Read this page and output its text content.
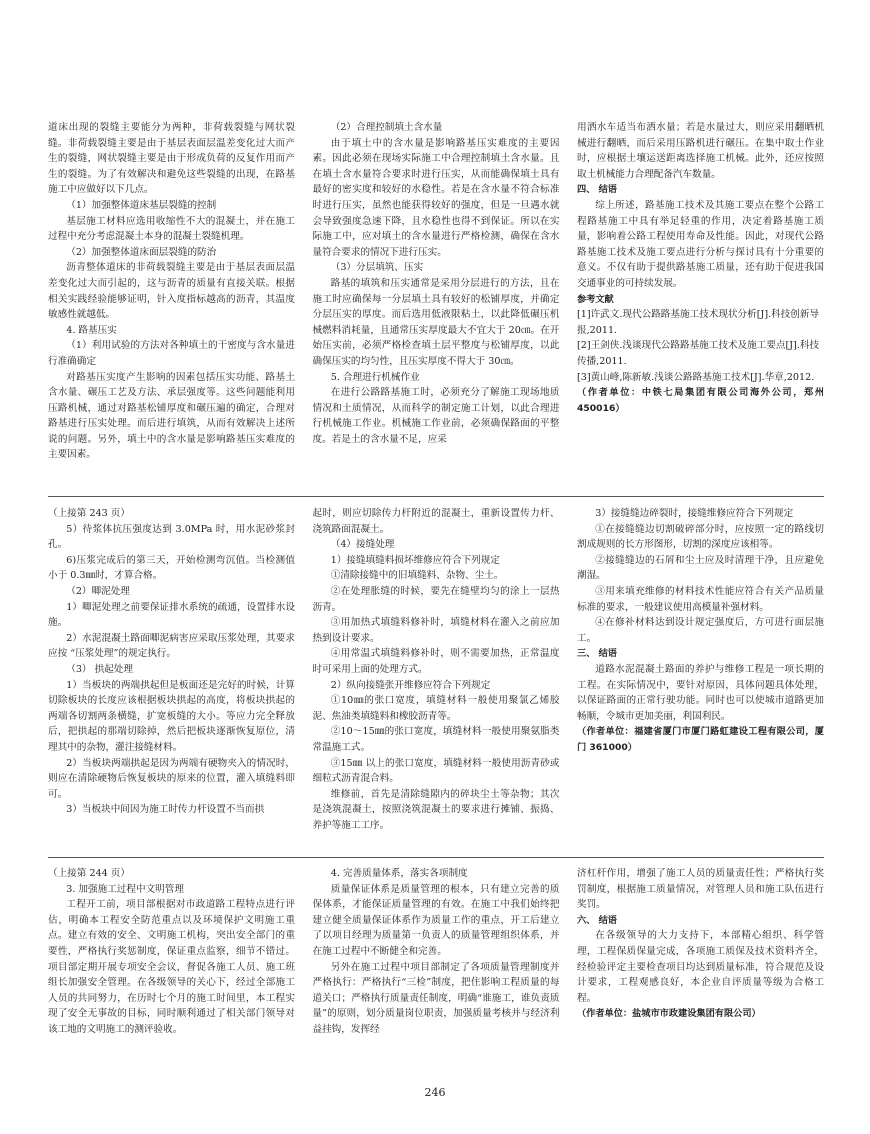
道床出现的裂缝主要能分为两种，非荷载裂缝与网状裂缝。非荷载裂缝主要是由于基层表面层温差变化过大而产生的裂缝，网状裂缝主要是由于形成负荷的反复作用而产生的裂缝。为了有效解决和避免这些裂缝的出现，在路基施工中应做好以下几点。

（1）加强整体道床基层裂缝的控制

基层施工材料应选用收缩性不大的混凝土，并在施工过程中充分考虑混凝土本身的混凝土裂缝机理。

（2）加强整体道床面层裂缝的防治

沥青整体道床的非荷载裂缝主要是由于基层表面层温差变化过大而引起的，这与沥青的质量有直接关联。根据相关实践经验能够证明，针入度指标越高的沥青，其温度敏感性就越低。

4. 路基压实

（1）利用试验的方法对各种填土的干密度与含水量进行准确确定

对路基压实度产生影响的因素包括压实功能、路基土含水量、碾压工艺及方法、承层强度等。这些问题能利用压路机械，通过对路基松铺厚度和碾压遍的确定，合理对路基进行压实处理。而后进行填筑，从而有效解决上述所说的问题。另外，填土中的含水量是影响路基压实难度的主要因素。

（2）合理控制填土含水量

由于填土中的含水量是影响路基压实难度的主要因素。因此必须在现场实际施工中合理控制填土含水量。且在填土含水量符合要求时进行压实，从而能确保填土具有最好的密实度和较好的水稳性。若是在含水量不符合标准时进行压实，虽然也能获得较好的强度，但是一旦遇水就会导致强度急速下降，且水稳性也得不到保证。所以在实际施工中，应对填土的含水量进行严格检测，确保在含水量符合要求的情况下进行压实。

（3）分层填筑、压实

路基的填筑和压实通常是采用分层进行的方法，且在施工时应确保每一分层填土具有较好的松铺厚度，并确定分层压实的厚度。而后选用低液限粘土，以此降低碾压机械燃料消耗量，且通常压实厚度最大不宜大于 20㎝。在开始压实前，必须严格检查填土层平整度与松铺厚度，以此确保压实的均匀性，且压实厚度不得大于 30㎝。

5. 合理进行机械作业

在进行公路路基施工时，必须充分了解施工现场地质情况和土质情况，从而科学的制定施工计划，以此合理进行机械施工作业。机械施工作业前，必须确保路面的平整度。若是土的含水量不足，应采

用洒水车适当布洒水量；若是水量过大，则应采用翻晒机械进行翻晒，而后采用压路机进行碾压。在集中取土作业时，应根据土壤运送距离选择施工机械。此外，还应按照取土机械能力合理配备汽车数量。

四、 结语

综上所述，路基施工技术及其施工要点在整个公路工程路基施工中具有举足轻重的作用，决定着路基施工质量，影响着公路工程使用寿命及性能。因此，对现代公路路基施工技术及施工要点进行分析与探讨具有十分重要的意义。不仅有助于提供路基施工质量，还有助于促进我国交通事业的可持续发展。

参考文献

[1]许武文.现代公路路基施工技术现状分析[J].科技创新导报,2011.

[2]王剑侠.浅谈现代公路路基施工技术及施工要点[J].科技传播,2011.

[3]黄山峰,陈新敏.浅谈公路路基施工技术[J].华章,2012.

（作者单位：中铁七局集团有限公司海外公司，郑州 450016）

（上接第 243 页）

5）待浆体抗压强度达到 3.0MPa 时，用水泥砂浆封孔。

6)压浆完成后的第三天，开始检测弯沉值。当检测值小于 0.3㎜时，才算合格。

（2）唧泥处理

1）唧泥处理之前要保证排水系统的疏通，设置排水设施。

2）水泥混凝土路面唧泥病害应采取压浆处理，其要求应按 “压浆处理”的规定执行。

（3） 拱起处理

1）当板块的两端拱起但是板面还是完好的时候，计算切除板块的长度应该根据板块拱起的高度，将板块拱起的两端各切割两条横缝，扩宽板缝的大小。等应力完全释放后，把拱起的那端切除掉，然后把板块逐渐恢复原位，清理其中的杂物，灌注接缝材料。

2）当板块两端拱起是因为两端有硬物夹入的情况时，则应在清除硬物后恢复板块的原来的位置，灌入填缝料即可。

3）当板块中间因为施工时传力杆设置不当而拱

起时，则应切除传力杆附近的混凝土，重新设置传力杆、浇筑路面混凝土。

（4）接缝处理

1）接缝填缝料损坏维修应符合下列规定

①清除接缝中的旧填缝料、杂物、尘土。

②在处理胀缝的时候，要先在缝壁均匀的涂上一层热沥青。

③用加热式填缝料修补时，填缝材料在灌入之前应加热到设计要求。

④用常温式填缝料修补时，则不需要加热，正常温度时可采用上面的处理方式。

2）纵向接缝张开维修应符合下列规定

①10㎜的张口宽度，填缝材料一般使用聚氯乙烯胶泥、焦油类填缝料和橡胶沥青等。

②10～15㎜的张口宽度，填缝材料一般使用聚氨脂类常温施工式。

③15㎜ 以上的张口宽度，填缝材料一般使用沥青砂或细粒式沥青混合料。

维修前，首先是清除缝隙内的碎块尘土等杂物；其次是浇筑混凝土，按照浇筑混凝土的要求进行摊铺、振捣、养护等施工工序。

3）接缝缝边碎裂时，接缝维修应符合下列规定

①在接缝缝边切割破碎部分时，应按照一定的路线切割成规则的长方形图形，切割的深度应该相等。

②接缝缝边的石屑和尘土应及时清理干净，且应避免潮湿。

③用来填充维修的材料技术性能应符合有关产品质量标准的要求，一般建议使用高模量补强材料。

④在修补材料达到设计规定强度后，方可进行面层施工。

三、 结语

道路水泥混凝土路面的养护与维修工程是一项长期的工程。在实际情况中，要针对原因，具体问题具体处理，以保证路面的正常行驶功能。同时也可以使城市道路更加畅顺，令城市更加美丽，利国利民。

（作者单位：福建省厦门市厦门路虹建设工程有限公司，厦门 361000）

（上接第 244 页）

3. 加强施工过程中文明管理

工程开工前，项目部根据对市政道路工程特点进行评估，明确本工程安全防范重点以及环境保护文明施工重点。建立有效的安全、文明施工机构，突出安全部门的重要性，严格执行奖惩制度，保证重点监察，细节不错过。项目部定期开展专项安全会议，督促各施工人员、施工班组长加强安全管理。在各级领导的关心下，经过全部施工人员的共同努力，在历时七个月的施工时间里，本工程实现了安全无事故的目标，同时顺利通过了相关部门领导对该工地的文明施工的测评验收。

4. 完善质量体系，落实各项制度

质量保证体系是质量管理的根本，只有建立完善的质保体系，才能保证质量管理的有效。在施工中我们始终把建立健全质量保证体系作为质量工作的重点，开工后建立了以项目经理为质量第一负责人的质量管理组织体系，并在施工过程中不断健全和完善。

另外在施工过程中项目部制定了各项质量管理制度并严格执行：严格执行“三检”制度，把住影响工程质量的每道关口；严格执行质量责任制度，明确“谁施工，谁负责质量”的原则，划分质量岗位职责，加强质量考核并与经济利益挂钩，发挥经

济杠杆作用，增强了施工人员的质量责任性；严格执行奖罚制度，根据施工质量情况，对管理人员和施工队伍进行奖罚。

六、 结语

在各级领导的大力支持下，本部精心组织、科学管理，工程保质保量完成，各项施工质保及技术资料齐全，经检验评定主要检查项目均达到质量标准，符合规范及设计要求，工程观感良好，本企业自评质量等级为合格工程。

（作者单位：盐城市市政建设集团有限公司）

246
